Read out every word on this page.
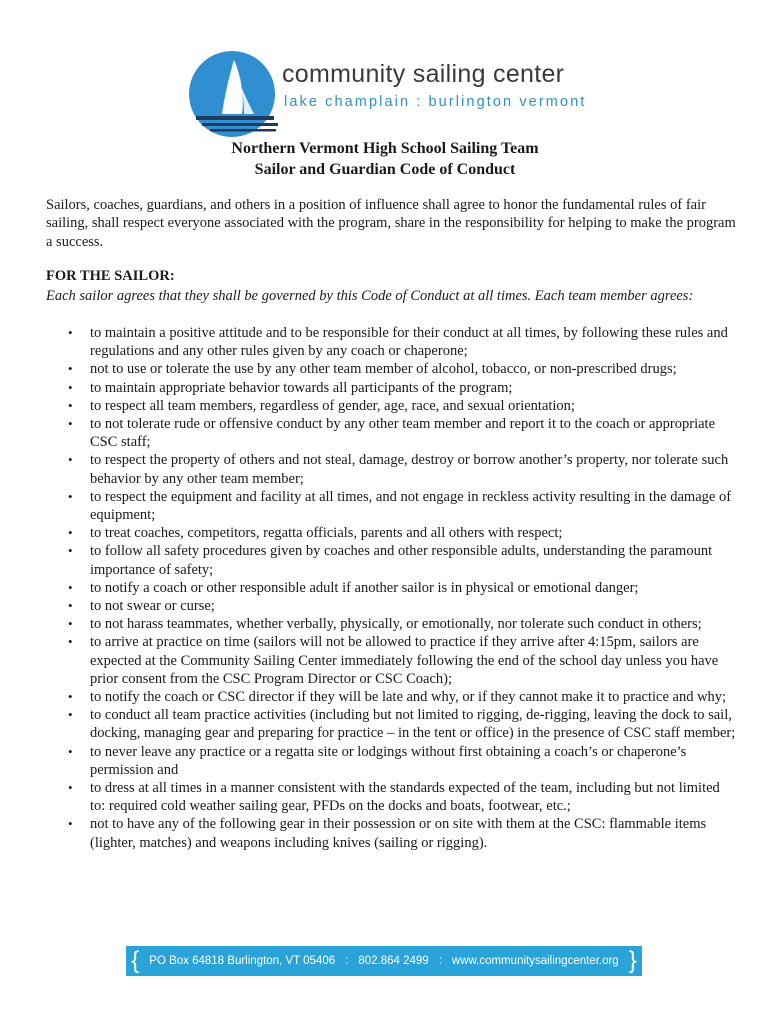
community sailing center
lake champlain : burlington vermont
Northern Vermont High School Sailing Team
Sailor and Guardian Code of Conduct
Sailors, coaches, guardians, and others in a position of influence shall agree to honor the fundamental rules of fair sailing, shall respect everyone associated with the program, share in the responsibility for helping to make the program a success.
FOR THE SAILOR:
Each sailor agrees that they shall be governed by this Code of Conduct at all times. Each team member agrees:
• to maintain a positive attitude and to be responsible for their conduct at all times, by following these rules and regulations and any other rules given by any coach or chaperone;
• not to use or tolerate the use by any other team member of alcohol, tobacco, or non-prescribed drugs;
• to maintain appropriate behavior towards all participants of the program;
• to respect all team members, regardless of gender, age, race, and sexual orientation;
• to not tolerate rude or offensive conduct by any other team member and report it to the coach or appropriate CSC staff;
• to respect the property of others and not steal, damage, destroy or borrow another’s property, nor tolerate such behavior by any other team member;
• to respect the equipment and facility at all times, and not engage in reckless activity resulting in the damage of equipment;
• to treat coaches, competitors, regatta officials, parents and all others with respect;
• to follow all safety procedures given by coaches and other responsible adults, understanding the paramount importance of safety;
• to notify a coach or other responsible adult if another sailor is in physical or emotional danger;
• to not swear or curse;
• to not harass teammates, whether verbally, physically, or emotionally, nor tolerate such conduct in others;
• to arrive at practice on time (sailors will not be allowed to practice if they arrive after 4:15pm, sailors are expected at the Community Sailing Center immediately following the end of the school day unless you have prior consent from the CSC Program Director or CSC Coach);
• to notify the coach or CSC director if they will be late and why, or if they cannot make it to practice and why;
• to conduct all team practice activities (including but not limited to rigging, de-rigging, leaving the dock to sail, docking, managing gear and preparing for practice – in the tent or office) in the presence of CSC staff member;
• to never leave any practice or a regatta site or lodgings without first obtaining a coach’s or chaperone’s permission and
• to dress at all times in a manner consistent with the standards expected of the team, including but not limited to: required cold weather sailing gear, PFDs on the docks and boats, footwear, etc.;
• not to have any of the following gear in their possession or on site with them at the CSC: flammable items (lighter, matches) and weapons including knives (sailing or rigging).
{ PO Box 64818 Burlington, VT 05406 : 802.864 2499 : www.communitysailingcenter.org }
